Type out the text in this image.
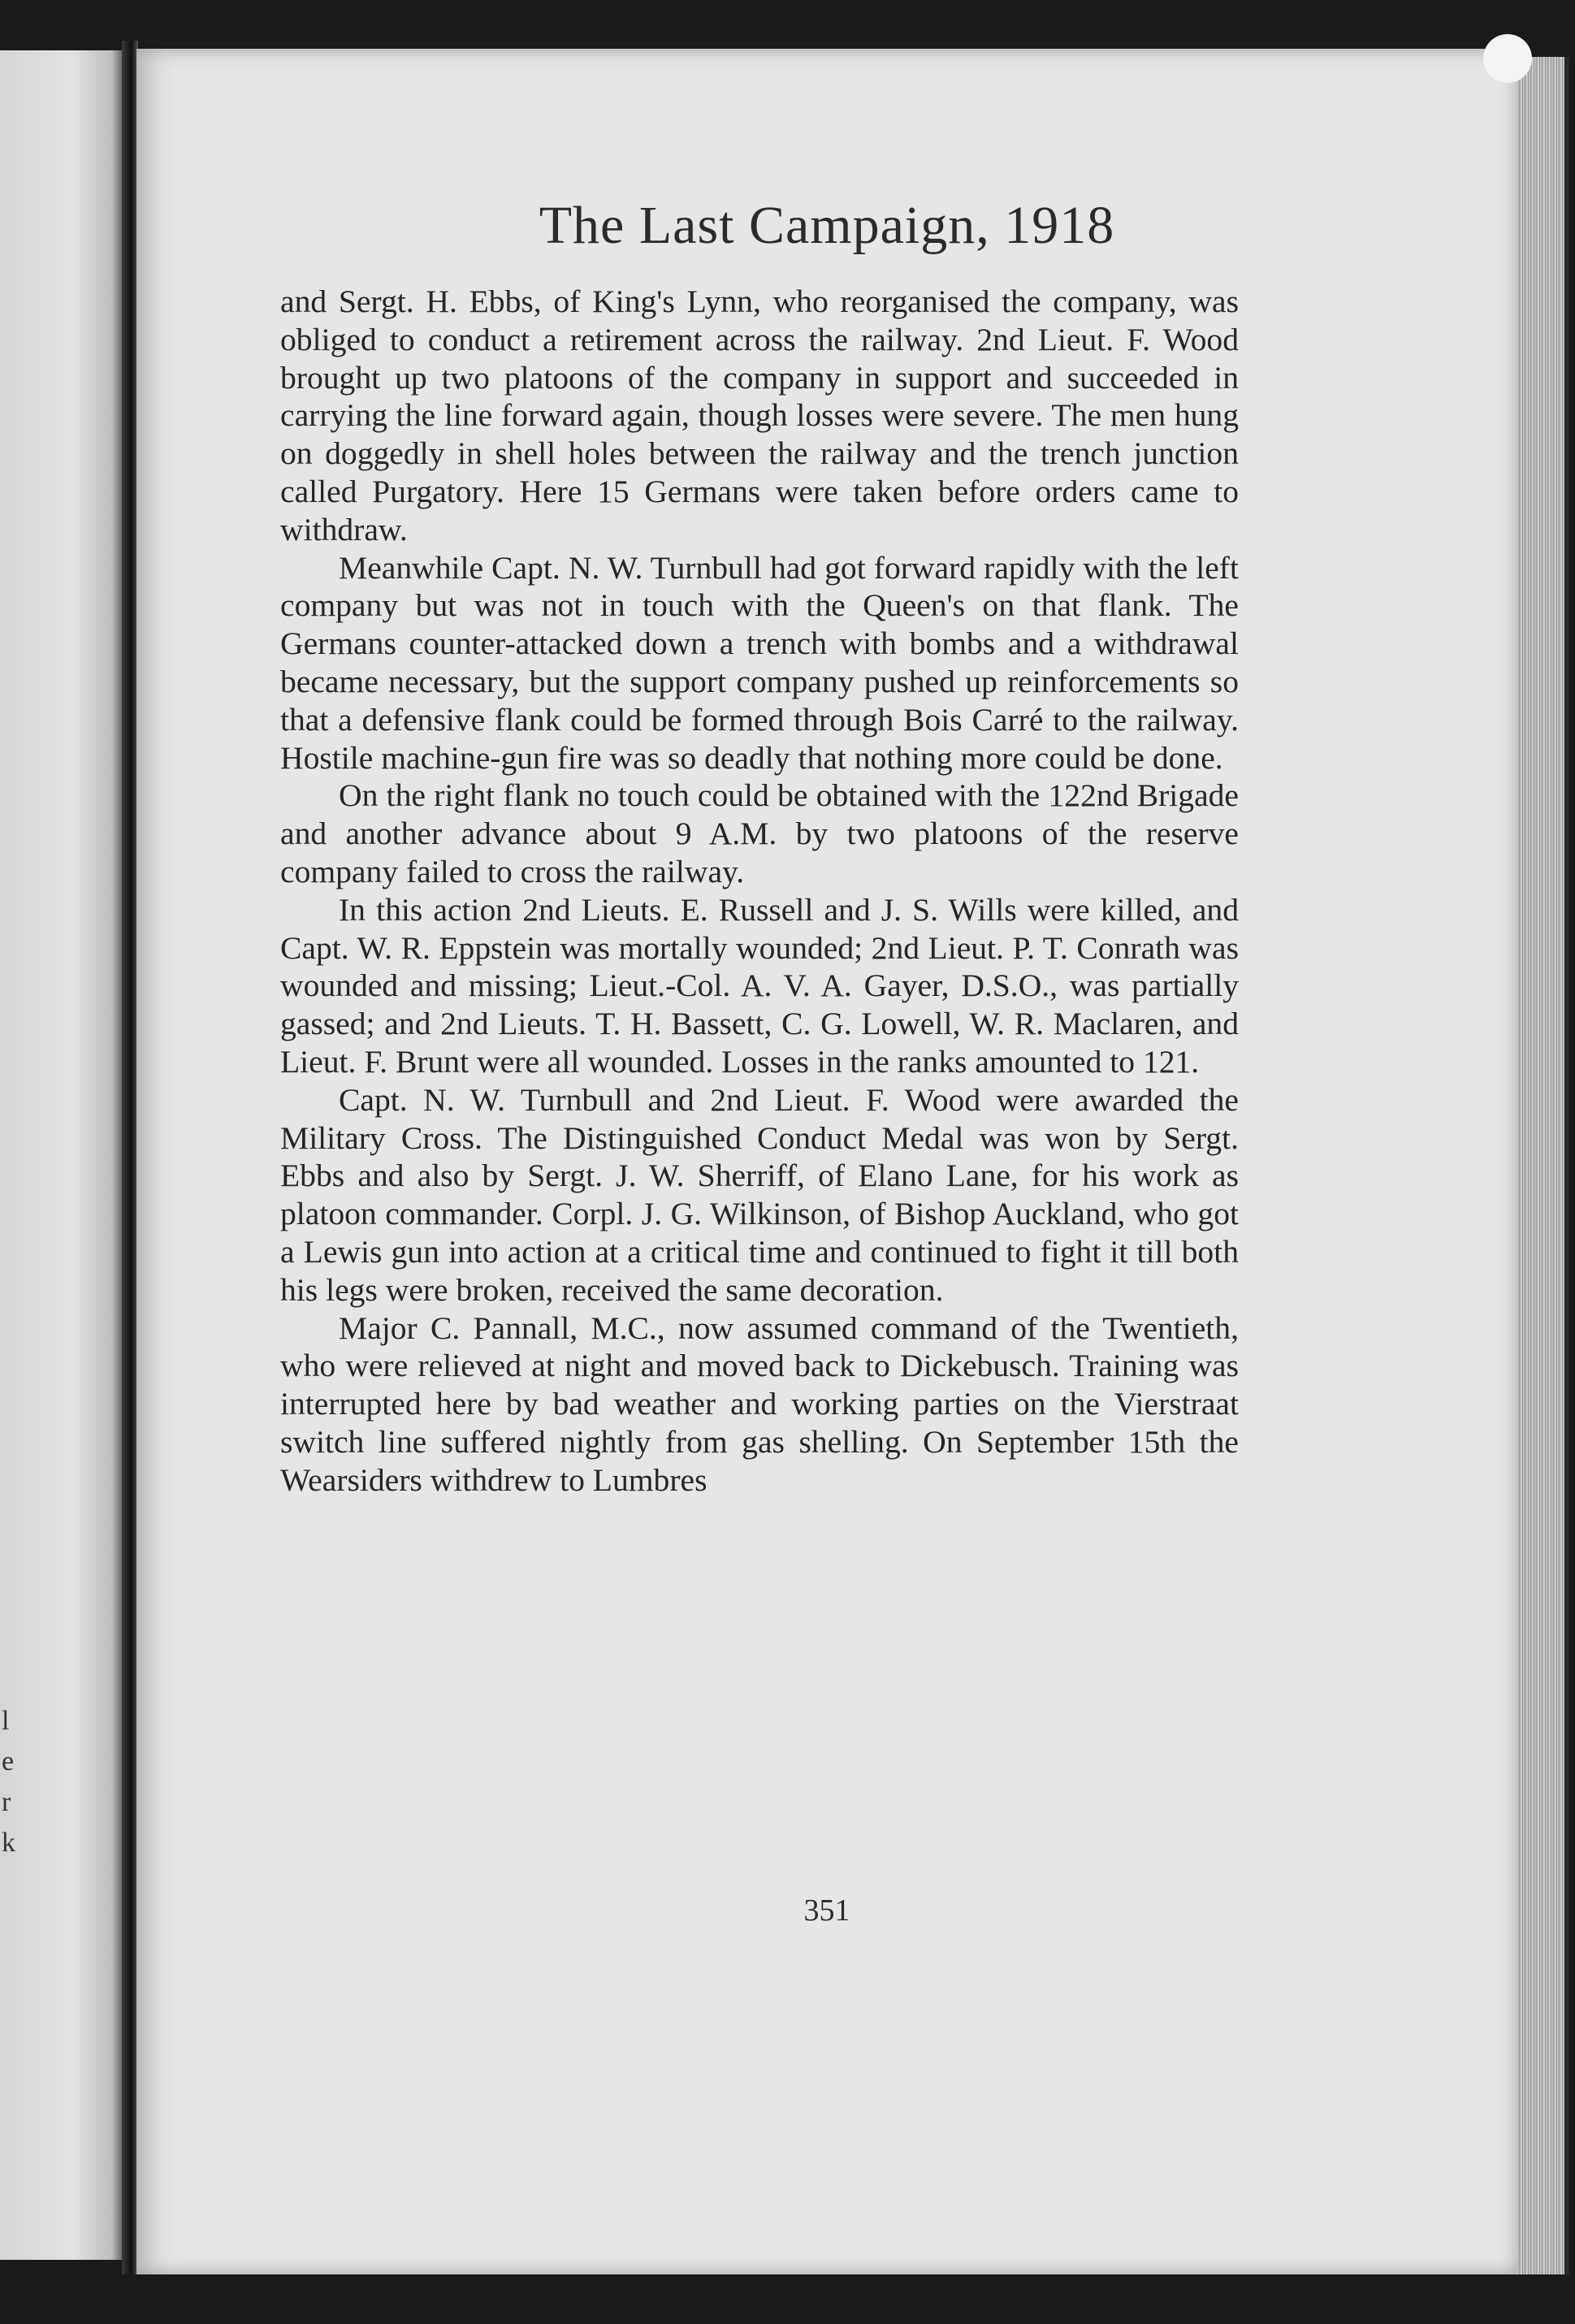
l
e
r
k
The Last Campaign, 1918

and Sergt. H. Ebbs, of King's Lynn, who reorganised the company, was obliged to conduct a retirement across the railway. 2nd Lieut. F. Wood brought up two platoons of the company in support and succeeded in carrying the line forward again, though losses were severe. The men hung on doggedly in shell holes between the railway and the trench junction called Purgatory. Here 15 Germans were taken before orders came to withdraw.

Meanwhile Capt. N. W. Turnbull had got forward rapidly with the left company but was not in touch with the Queen's on that flank. The Germans counter-attacked down a trench with bombs and a withdrawal became necessary, but the support company pushed up reinforcements so that a defensive flank could be formed through Bois Carré to the railway. Hostile machine-gun fire was so deadly that nothing more could be done.

On the right flank no touch could be obtained with the 122nd Brigade and another advance about 9 A.M. by two platoons of the reserve company failed to cross the railway.

In this action 2nd Lieuts. E. Russell and J. S. Wills were killed, and Capt. W. R. Eppstein was mortally wounded; 2nd Lieut. P. T. Conrath was wounded and missing; Lieut.-Col. A. V. A. Gayer, D.S.O., was partially gassed; and 2nd Lieuts. T. H. Bassett, C. G. Lowell, W. R. Maclaren, and Lieut. F. Brunt were all wounded. Losses in the ranks amounted to 121.

Capt. N. W. Turnbull and 2nd Lieut. F. Wood were awarded the Military Cross. The Distinguished Conduct Medal was won by Sergt. Ebbs and also by Sergt. J. W. Sherriff, of Elano Lane, for his work as platoon commander. Corpl. J. G. Wilkinson, of Bishop Auckland, who got a Lewis gun into action at a critical time and continued to fight it till both his legs were broken, received the same decoration.

Major C. Pannall, M.C., now assumed command of the Twentieth, who were relieved at night and moved back to Dickebusch. Training was interrupted here by bad weather and working parties on the Vierstraat switch line suffered nightly from gas shelling. On September 15th the Wearsiders withdrew to Lumbres

351
